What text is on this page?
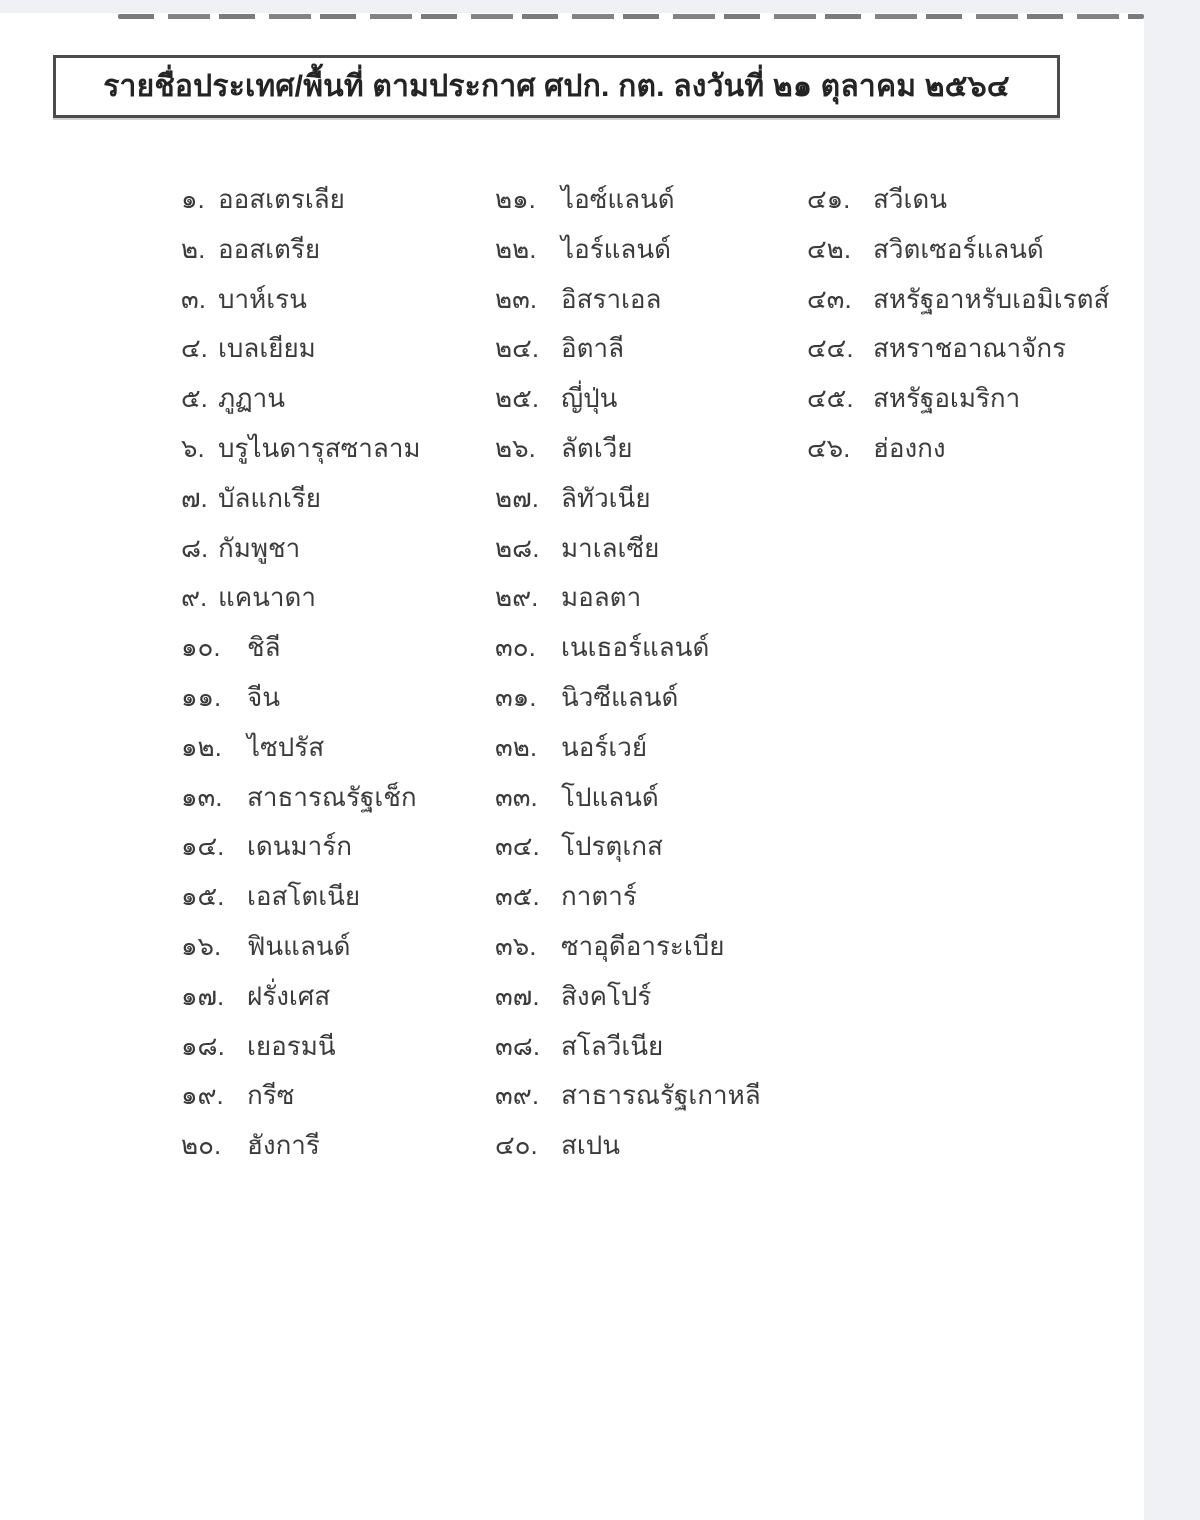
รายชื่อประเทศ/พื้นที่ ตามประกาศ ศปก. กต. ลงวันที่ ๒๑ ตุลาคม ๒๕๖๔
๑. ออสเตรเลีย
๒. ออสเตรีย
๓. บาห์เรน
๔. เบลเยียม
๕. ภูฏาน
๖. บรูไนดารุสซาลาม
๗. บัลแกเรีย
๘. กัมพูชา
๙. แคนาดา
๑๐.	ชิลี
๑๑. จีน
๑๒. ไซปรัส
๑๓. สาธารณรัฐเช็ก
๑๔. เดนมาร์ก
๑๕. เอสโตเนีย
๑๖. ฟินแลนด์
๑๗. ฝรั่งเศส
๑๘. เยอรมนี
๑๙. กรีซ
๒๐. ฮังการี
๒๑. ไอซ์แลนด์
๒๒. ไอร์แลนด์
๒๓. อิสราเอล
๒๔. อิตาลี
๒๕. ญี่ปุ่น
๒๖. ลัตเวีย
๒๗. ลิทัวเนีย
๒๘. มาเลเซีย
๒๙. มอลตา
๓๐. เนเธอร์แลนด์
๓๑. นิวซีแลนด์
๓๒. นอร์เวย์
๓๓. โปแลนด์
๓๔. โปรตุเกส
๓๕. กาตาร์
๓๖. ซาอุดีอาระเบีย
๓๗. สิงคโปร์
๓๘. สโลวีเนีย
๓๙. สาธารณรัฐเกาหลี
๔๐. สเปน
๔๑. สวีเดน
๔๒. สวิตเซอร์แลนด์
๔๓. สหรัฐอาหรับเอมิเรตส์
๔๔. สหราชอาณาจักร
๔๕. สหรัฐอเมริกา
๔๖. ฮ่องกง
